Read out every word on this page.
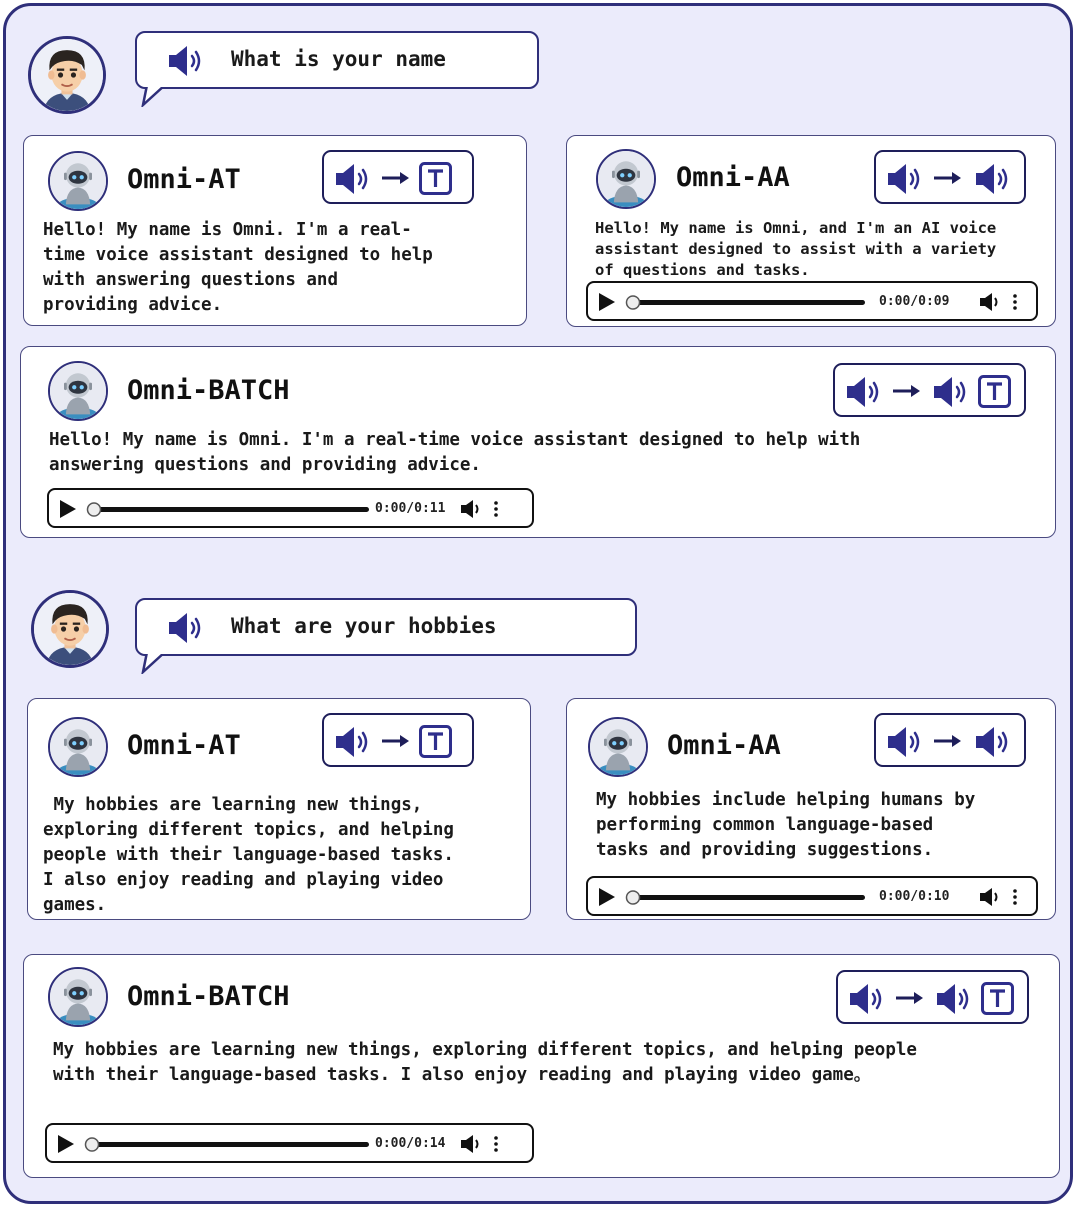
What is your name
Omni-AT
Hello! My name is Omni. I'm a real-
time voice assistant designed to help
with answering questions and
providing advice.
Omni-AA
Hello! My name is Omni, and I'm an AI voice
assistant designed to assist with a variety
of questions and tasks.
0:00/0:09
Omni-BATCH
Hello! My name is Omni. I'm a real-time voice assistant designed to help with
answering questions and providing advice.
0:00/0:11
What are your hobbies
Omni-AT
My hobbies are learning new things,
exploring different topics, and helping
people with their language-based tasks.
I also enjoy reading and playing video
games.
Omni-AA
My hobbies include helping humans by
performing common language-based
tasks and providing suggestions.
0:00/0:10
Omni-BATCH
My hobbies are learning new things, exploring different topics, and helping people
with their language-based tasks. I also enjoy reading and playing video game。
0:00/0:14
